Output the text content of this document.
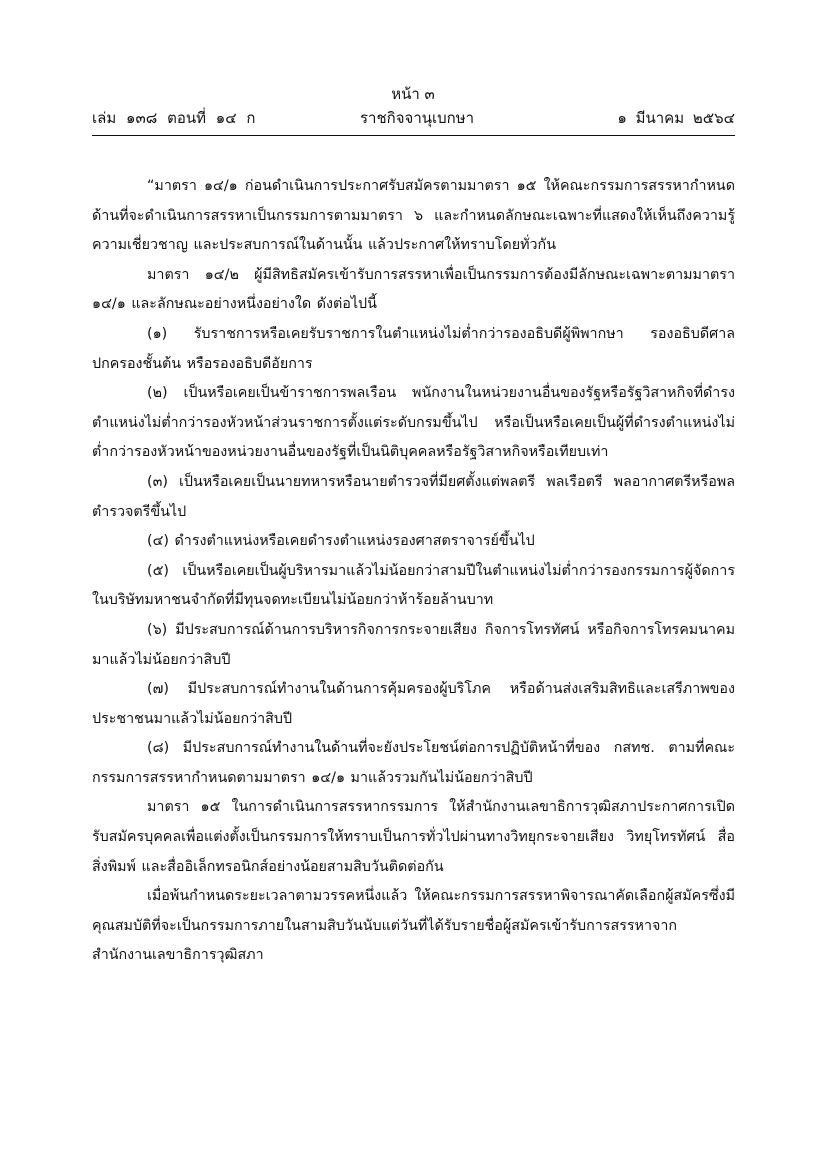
หน้า ๓
เล่ม ๑๓๘ ตอนที่ ๑๔ ก	ราชกิจจานุเบกษา	๑ มีนาคม ๒๕๖๔

“มาตรา ๑๔/๑ ก่อนดำเนินการประกาศรับสมัครตามมาตรา ๑๕ ให้คณะกรรมการสรรหากำหนดด้านที่จะดำเนินการสรรหาเป็นกรรมการตามมาตรา ๖ และกำหนดลักษณะเฉพาะที่แสดงให้เห็นถึงความรู้ ความเชี่ยวชาญ และประสบการณ์ในด้านนั้น แล้วประกาศให้ทราบโดยทั่วกัน

มาตรา ๑๔/๒ ผู้มีสิทธิสมัครเข้ารับการสรรหาเพื่อเป็นกรรมการต้องมีลักษณะเฉพาะตามมาตรา ๑๔/๑ และลักษณะอย่างหนึ่งอย่างใด ดังต่อไปนี้

(๑) รับราชการหรือเคยรับราชการในตำแหน่งไม่ต่ำกว่ารองอธิบดีผู้พิพากษา รองอธิบดีศาลปกครองชั้นต้น หรือรองอธิบดีอัยการ

(๒) เป็นหรือเคยเป็นข้าราชการพลเรือน พนักงานในหน่วยงานอื่นของรัฐหรือรัฐวิสาหกิจที่ดำรงตำแหน่งไม่ต่ำกว่ารองหัวหน้าส่วนราชการตั้งแต่ระดับกรมขึ้นไป หรือเป็นหรือเคยเป็นผู้ที่ดำรงตำแหน่งไม่ต่ำกว่ารองหัวหน้าของหน่วยงานอื่นของรัฐที่เป็นนิติบุคคลหรือรัฐวิสาหกิจหรือเทียบเท่า

(๓) เป็นหรือเคยเป็นนายทหารหรือนายตำรวจที่มียศตั้งแต่พลตรี พลเรือตรี พลอากาศตรีหรือพลตำรวจตรีขึ้นไป

(๔) ดำรงตำแหน่งหรือเคยดำรงตำแหน่งรองศาสตราจารย์ขึ้นไป

(๕) เป็นหรือเคยเป็นผู้บริหารมาแล้วไม่น้อยกว่าสามปีในตำแหน่งไม่ต่ำกว่ารองกรรมการผู้จัดการในบริษัทมหาชนจำกัดที่มีทุนจดทะเบียนไม่น้อยกว่าห้าร้อยล้านบาท

(๖) มีประสบการณ์ด้านการบริหารกิจการกระจายเสียง กิจการโทรทัศน์ หรือกิจการโทรคมนาคมมาแล้วไม่น้อยกว่าสิบปี

(๗) มีประสบการณ์ทำงานในด้านการคุ้มครองผู้บริโภค หรือด้านส่งเสริมสิทธิและเสรีภาพของประชาชนมาแล้วไม่น้อยกว่าสิบปี

(๘) มีประสบการณ์ทำงานในด้านที่จะยังประโยชน์ต่อการปฏิบัติหน้าที่ของ กสทช. ตามที่คณะกรรมการสรรหากำหนดตามมาตรา ๑๔/๑ มาแล้วรวมกันไม่น้อยกว่าสิบปี

มาตรา ๑๕ ในการดำเนินการสรรหากรรมการ ให้สำนักงานเลขาธิการวุฒิสภาประกาศการเปิดรับสมัครบุคคลเพื่อแต่งตั้งเป็นกรรมการให้ทราบเป็นการทั่วไปผ่านทางวิทยุกระจายเสียง วิทยุโทรทัศน์ สื่อสิ่งพิมพ์ และสื่ออิเล็กทรอนิกส์อย่างน้อยสามสิบวันติดต่อกัน

เมื่อพ้นกำหนดระยะเวลาตามวรรคหนึ่งแล้ว ให้คณะกรรมการสรรหาพิจารณาคัดเลือกผู้สมัครซึ่งมีคุณสมบัติที่จะเป็นกรรมการภายในสามสิบวันนับแต่วันที่ได้รับรายชื่อผู้สมัครเข้ารับการสรรหาจากสำนักงานเลขาธิการวุฒิสภา
